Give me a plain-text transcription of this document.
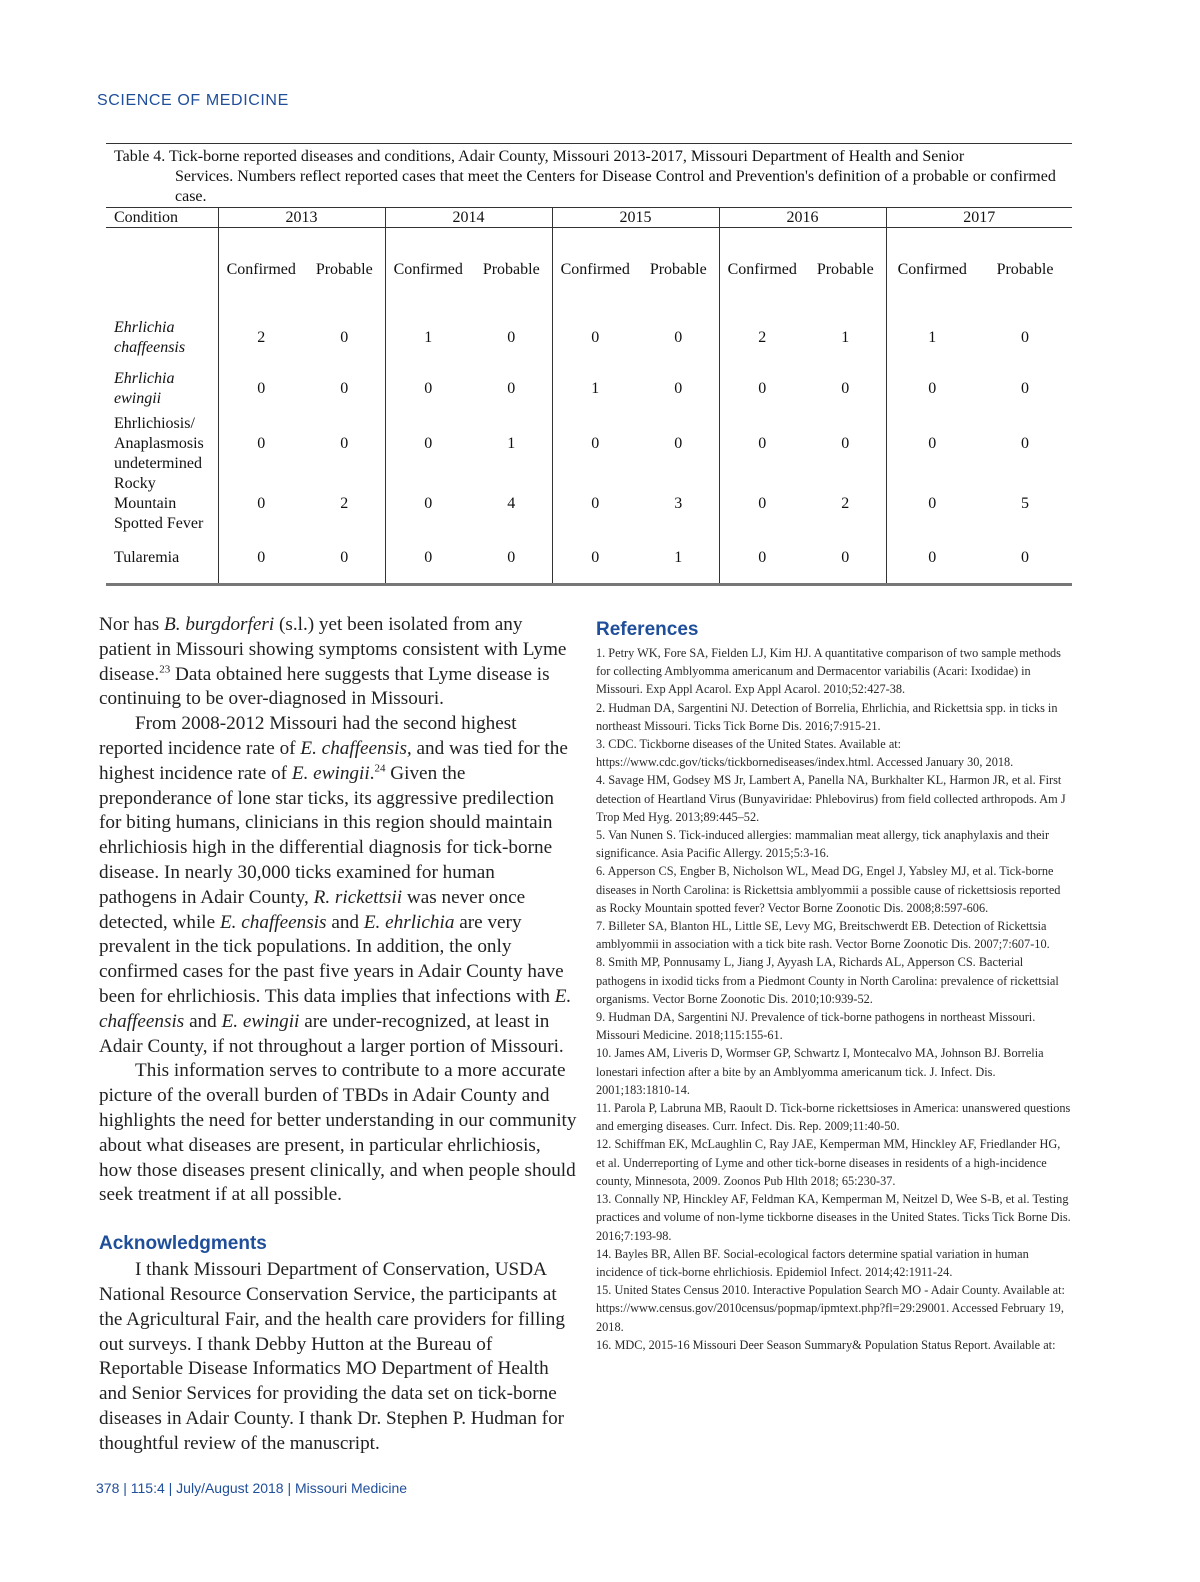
SCIENCE OF MEDICINE
Table 4. Tick-borne reported diseases and conditions, Adair County, Missouri 2013-2017, Missouri Department of Health and Senior
Services. Numbers reflect reported cases that meet the Centers for Disease Control and Prevention's definition of a probable or confirmed case.
Condition	2013		2014		2015		2016		2017	
	Confirmed	Probable	Confirmed	Probable	Confirmed	Probable	Confirmed	Probable	Confirmed	Probable
Ehrlichia chaffeensis	2	0	1	0	0	0	2	1	1	0
Ehrlichia ewingii	0	0	0	0	1	0	0	0	0	0
Ehrlichiosis/ Anaplasmosis undetermined	0	0	0	1	0	0	0	0	0	0
Rocky Mountain Spotted Fever	0	2	0	4	0	3	0	2	0	5
Tularemia	0	0	0	0	0	1	0	0	0	0

Nor has B. burgdorferi (s.l.) yet been isolated from any patient in Missouri showing symptoms consistent with Lyme disease.$^{23}$ Data obtained here suggests that Lyme disease is continuing to be over-diagnosed in Missouri.

From 2008-2012 Missouri had the second highest reported incidence rate of E. chaffeensis, and was tied for the highest incidence rate of E. ewingii.$^{24}$ Given the preponderance of lone star ticks, its aggressive predilection for biting humans, clinicians in this region should maintain ehrlichiosis high in the differential diagnosis for tick-borne disease. In nearly 30,000 ticks examined for human pathogens in Adair County, R. rickettsii was never once detected, while E. chaffeensis and E. ehrlichia are very prevalent in the tick populations. In addition, the only confirmed cases for the past five years in Adair County have been for ehrlichiosis. This data implies that infections with E. chaffeensis and E. ewingii are under-recognized, at least in Adair County, if not throughout a larger portion of Missouri.

This information serves to contribute to a more accurate picture of the overall burden of TBDs in Adair County and highlights the need for better understanding in our community about what diseases are present, in particular ehrlichiosis, how those diseases present clinically, and when people should seek treatment if at all possible.

Acknowledgments

I thank Missouri Department of Conservation, USDA National Resource Conservation Service, the participants at the Agricultural Fair, and the health care providers for filling out surveys. I thank Debby Hutton at the Bureau of Reportable Disease Informatics MO Department of Health and Senior Services for providing the data set on tick-borne diseases in Adair County. I thank Dr. Stephen P. Hudman for thoughtful review of the manuscript.

References
1. Petry WK, Fore SA, Fielden LJ, Kim HJ. A quantitative comparison of two sample methods for collecting Amblyomma americanum and Dermacentor variabilis (Acari: Ixodidae) in Missouri. Exp Appl Acarol. Exp Appl Acarol. 2010;52:427-38.
2. Hudman DA, Sargentini NJ. Detection of Borrelia, Ehrlichia, and Rickettsia spp. in ticks in northeast Missouri. Ticks Tick Borne Dis. 2016;7:915-21.
3. CDC. Tickborne diseases of the United States. Available at: https://www.cdc.gov/ticks/tickbornediseases/index.html. Accessed January 30, 2018.
4. Savage HM, Godsey MS Jr, Lambert A, Panella NA, Burkhalter KL, Harmon JR, et al. First detection of Heartland Virus (Bunyaviridae: Phlebovirus) from field collected arthropods. Am J Trop Med Hyg. 2013;89:445–52.
5. Van Nunen S. Tick-induced allergies: mammalian meat allergy, tick anaphylaxis and their significance. Asia Pacific Allergy. 2015;5:3-16.
6. Apperson CS, Engber B, Nicholson WL, Mead DG, Engel J, Yabsley MJ, et al. Tick-borne diseases in North Carolina: is Rickettsia amblyommii a possible cause of rickettsiosis reported as Rocky Mountain spotted fever? Vector Borne Zoonotic Dis. 2008;8:597-606.
7. Billeter SA, Blanton HL, Little SE, Levy MG, Breitschwerdt EB. Detection of Rickettsia amblyommii in association with a tick bite rash. Vector Borne Zoonotic Dis. 2007;7:607-10.
8. Smith MP, Ponnusamy L, Jiang J, Ayyash LA, Richards AL, Apperson CS. Bacterial pathogens in ixodid ticks from a Piedmont County in North Carolina: prevalence of rickettsial organisms. Vector Borne Zoonotic Dis. 2010;10:939-52.
9. Hudman DA, Sargentini NJ. Prevalence of tick-borne pathogens in northeast Missouri. Missouri Medicine. 2018;115:155-61.
10. James AM, Liveris D, Wormser GP, Schwartz I, Montecalvo MA, Johnson BJ. Borrelia lonestari infection after a bite by an Amblyomma americanum tick. J. Infect. Dis. 2001;183:1810-14.
11. Parola P, Labruna MB, Raoult D. Tick-borne rickettsioses in America: unanswered questions and emerging diseases. Curr. Infect. Dis. Rep. 2009;11:40-50.
12. Schiffman EK, McLaughlin C, Ray JAE, Kemperman MM, Hinckley AF, Friedlander HG, et al. Underreporting of Lyme and other tick-borne diseases in residents of a high-incidence county, Minnesota, 2009. Zoonos Pub Hlth 2018; 65:230-37.
13. Connally NP, Hinckley AF, Feldman KA, Kemperman M, Neitzel D, Wee S-B, et al. Testing practices and volume of non-lyme tickborne diseases in the United States. Ticks Tick Borne Dis. 2016;7:193-98.
14. Bayles BR, Allen BF. Social-ecological factors determine spatial variation in human incidence of tick-borne ehrlichiosis. Epidemiol Infect. 2014;42:1911-24.
15. United States Census 2010. Interactive Population Search MO - Adair County. Available at: https://www.census.gov/2010census/popmap/ipmtext.php?fl=29:29001. Accessed February 19, 2018.
16. MDC, 2015-16 Missouri Deer Season Summary& Population Status Report. Available at:
378 | 115:4 | July/August 2018 | Missouri Medicine
